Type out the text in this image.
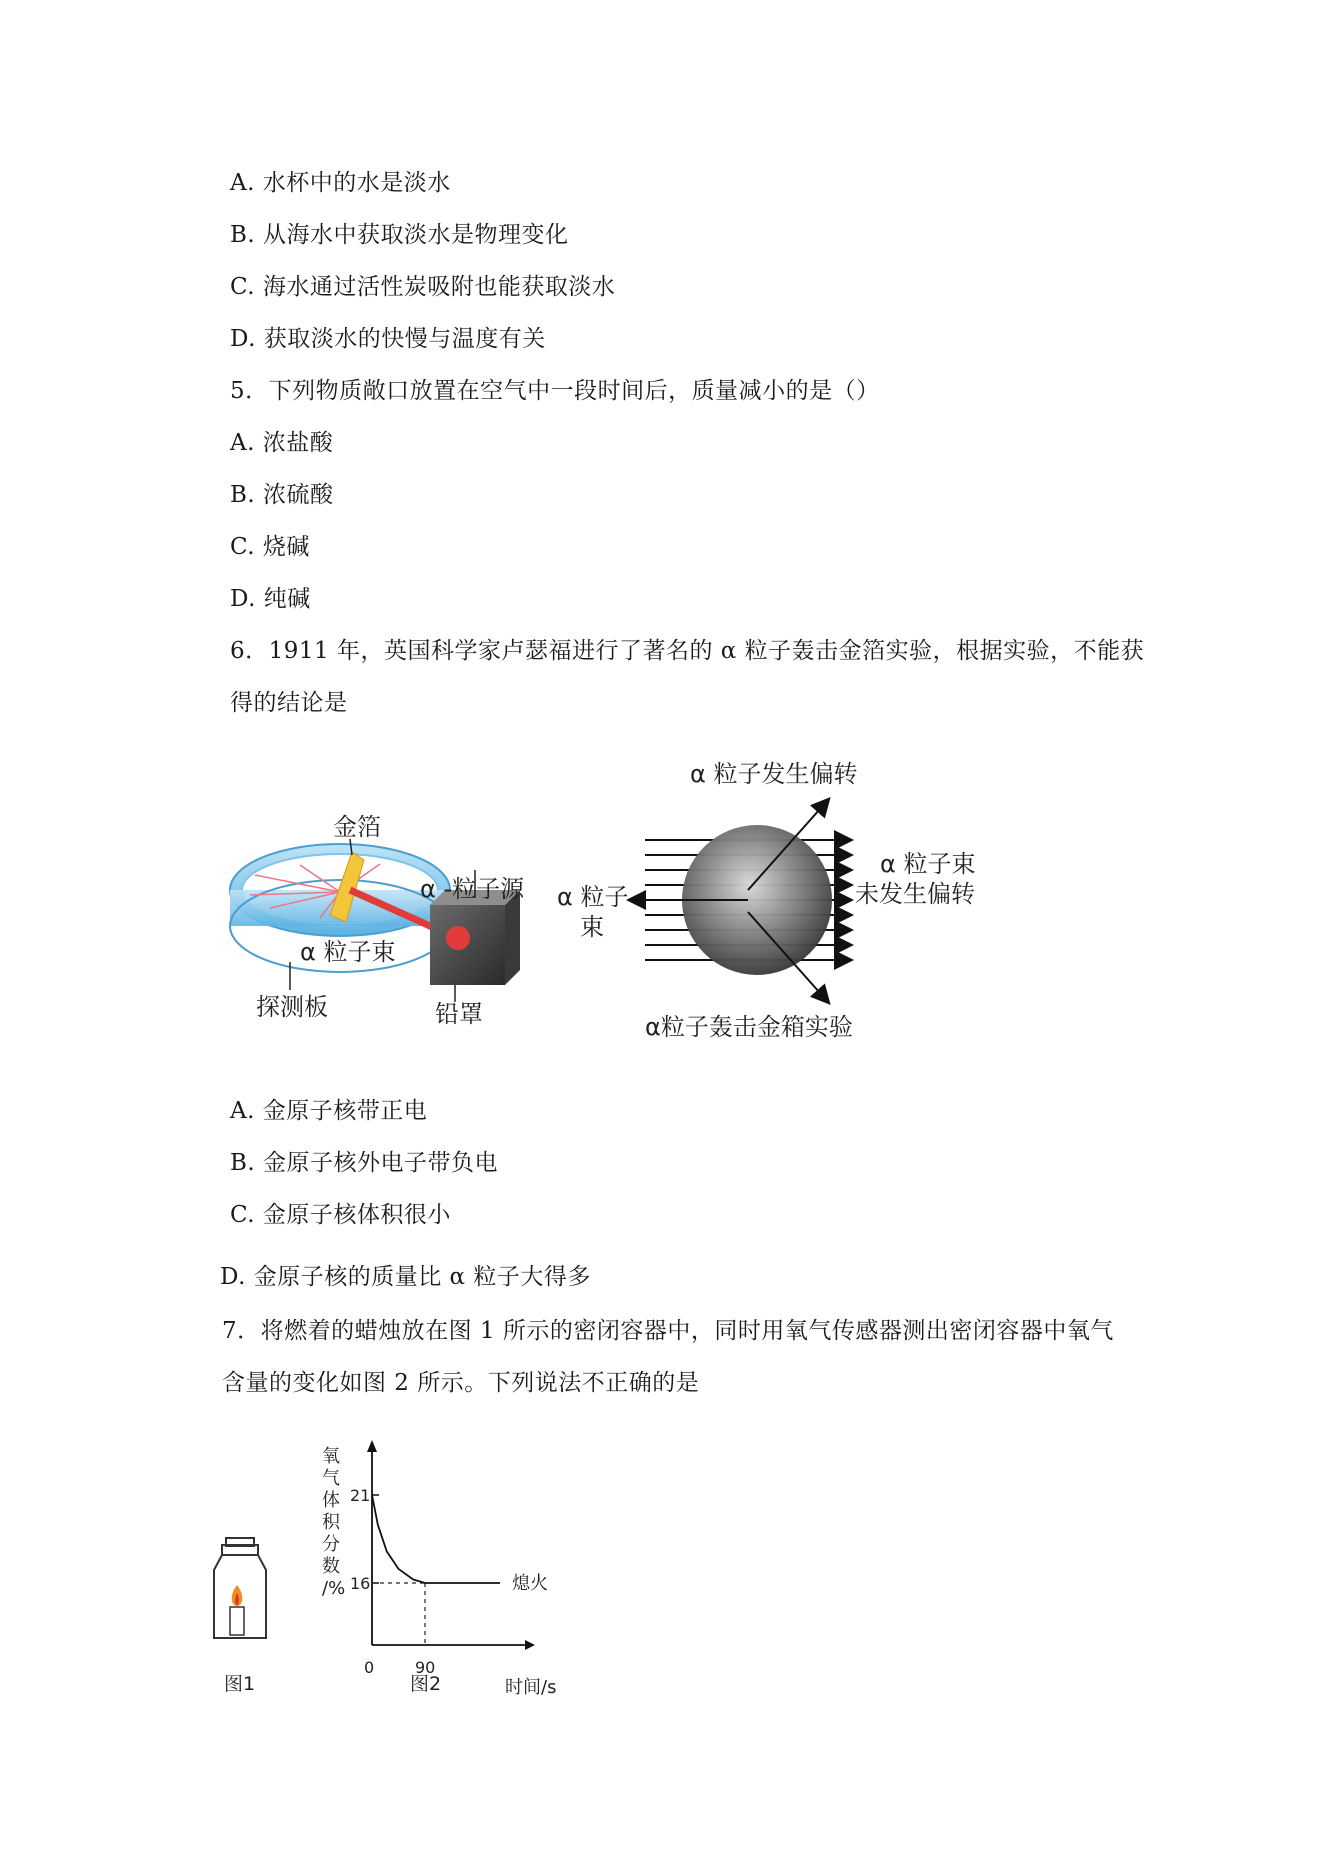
A. 水杯中的水是淡水
B. 从海水中获取淡水是物理变化
C. 海水通过活性炭吸附也能获取淡水
D. 获取淡水的快慢与温度有关
5．下列物质敞口放置在空气中一段时间后，质量减小的是（）
A. 浓盐酸
B. 浓硫酸
C. 烧碱
D. 纯碱
6．1911 年，英国科学家卢瑟福进行了著名的 α 粒子轰击金箔实验，根据实验，不能获
得的结论是
金箔
α -粒子源
α 粒子束
探测板	铅罩
α 粒子发生偏转
α 粒子
束
α 粒子束
未发生偏转
α粒子轰击金箱实验
A. 金原子核带正电
B. 金原子核外电子带负电
C. 金原子核体积很小
D. 金原子核的质量比 α 粒子大得多
7．将燃着的蜡烛放在图 1 所示的密闭容器中，同时用氧气传感器测出密闭容器中氧气
含量的变化如图 2 所示。下列说法不正确的是
图1
氧
气
体
积
分
数
/%
21
16
0	90
熄火
时间/s
图2
